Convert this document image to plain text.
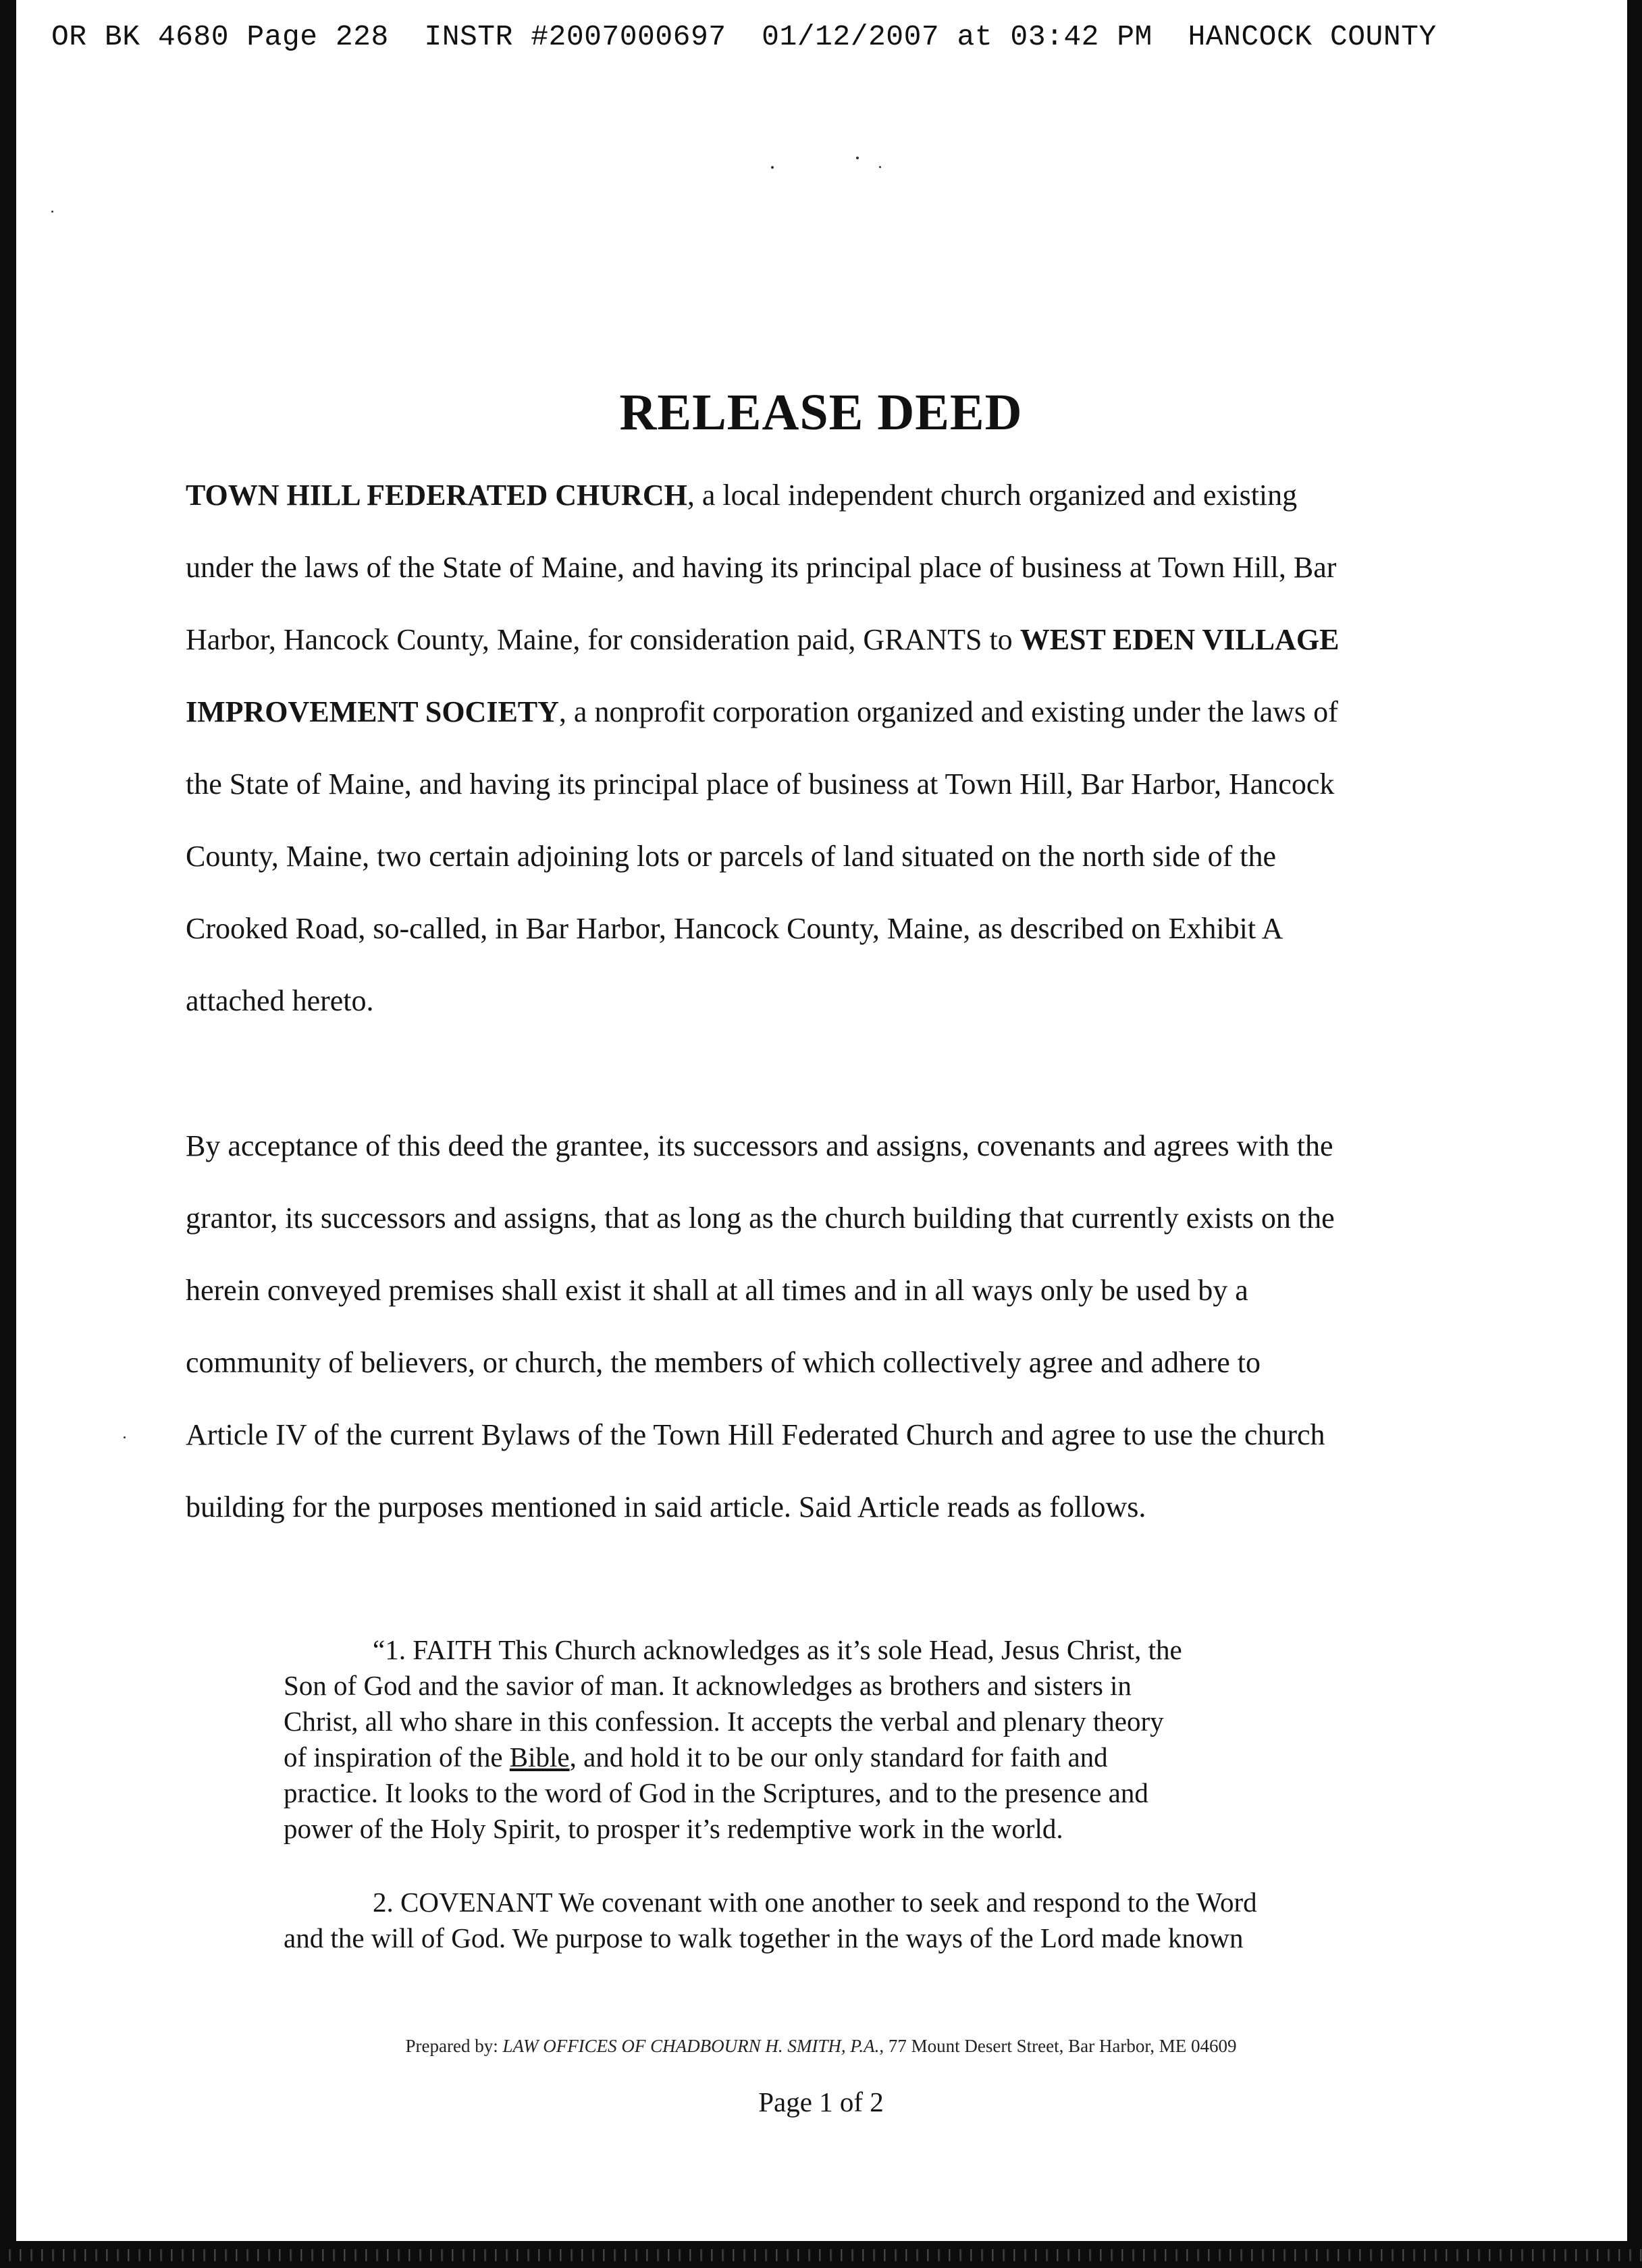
OR BK 4680 Page 228  INSTR #2007000697  01/12/2007 at 03:42 PM  HANCOCK COUNTY
RELEASE DEED
TOWN HILL FEDERATED CHURCH, a local independent church organized and existing
under the laws of the State of Maine, and having its principal place of business at Town Hill, Bar
Harbor, Hancock County, Maine, for consideration paid, GRANTS to WEST EDEN VILLAGE
IMPROVEMENT SOCIETY, a nonprofit corporation organized and existing under the laws of
the State of Maine, and having its principal place of business at Town Hill, Bar Harbor, Hancock
County, Maine, two certain adjoining lots or parcels of land situated on the north side of the
Crooked Road, so-called, in Bar Harbor, Hancock County, Maine, as described on Exhibit A
attached hereto.
By acceptance of this deed the grantee, its successors and assigns, covenants and agrees with the
grantor, its successors and assigns, that as long as the church building that currently exists on the
herein conveyed premises shall exist it shall at all times and in all ways only be used by a
community of believers, or church, the members of which collectively agree and adhere to
Article IV of the current Bylaws of the Town Hill Federated Church and agree to use the church
building for the purposes mentioned in said article. Said Article reads as follows.
“1. FAITH This Church acknowledges as it’s sole Head, Jesus Christ, the
Son of God and the savior of man. It acknowledges as brothers and sisters in
Christ, all who share in this confession. It accepts the verbal and plenary theory
of inspiration of the Bible, and hold it to be our only standard for faith and
practice. It looks to the word of God in the Scriptures, and to the presence and
power of the Holy Spirit, to prosper it’s redemptive work in the world.
2. COVENANT We covenant with one another to seek and respond to the Word
and the will of God. We purpose to walk together in the ways of the Lord made known
Prepared by: LAW OFFICES OF CHADBOURN H. SMITH, P.A., 77 Mount Desert Street, Bar Harbor, ME 04609
Page 1 of 2
